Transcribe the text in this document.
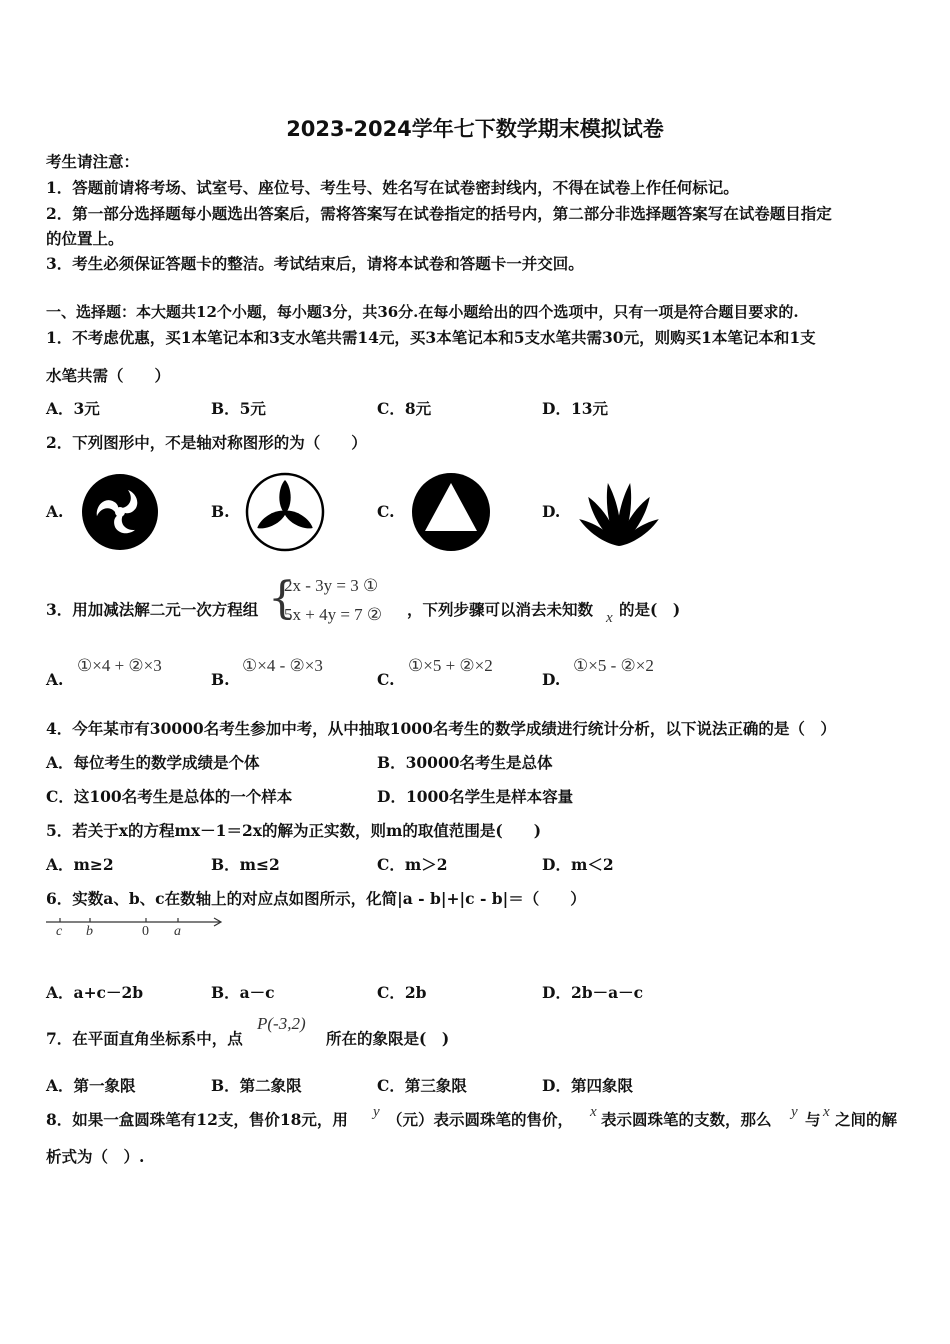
2023-2024学年七下数学期末模拟试卷
考生请注意：
1．答题前请将考场、试室号、座位号、考生号、姓名写在试卷密封线内，不得在试卷上作任何标记。
2．第一部分选择题每小题选出答案后，需将答案写在试卷指定的括号内，第二部分非选择题答案写在试卷题目指定
的位置上。
3．考生必须保证答题卡的整洁。考试结束后，请将本试卷和答题卡一并交回。
一、选择题：本大题共12个小题，每小题3分，共36分.在每小题给出的四个选项中，只有一项是符合题目要求的.
1．不考虑优惠，买1本笔记本和3支水笔共需14元，买3本笔记本和5支水笔共需30元，则购买1本笔记本和1支
水笔共需（　　）
A．3元	B．5元	C．8元	D．13元
2．下列图形中，不是轴对称图形的为（　　）
A.	B.	C.	D.
3．用加减法解二元一次方程组 {
2x - 3y = 3 ①
5x + 4y = 7 ② ，下列步骤可以消去未知数 x 的是(　)
A.
①×4 + ②×3
B.
①×4 - ②×3
C.
①×5 + ②×2
D.
①×5 - ②×2
4．今年某市有30000名考生参加中考，从中抽取1000名考生的数学成绩进行统计分析，以下说法正确的是（　）
A．每位考生的数学成绩是个体	B．30000名考生是总体
C．这100名考生是总体的一个样本	D．1000名学生是样本容量
5．若关于x的方程mx－1＝2x的解为正实数，则m的取值范围是(　　)
A．m≥2	B．m≤2	C．m＞2	D．m＜2
6．实数a、b、c在数轴上的对应点如图所示，化简|a - b|+|c - b|＝（　　）
c b	0 a
A．a+c－2b	B．a－c	C．2b	D．2b－a－c
7．在平面直角坐标系中，点
P(-3,2)
所在的象限是(　)
A．第一象限	B．第二象限	C．第三象限	D．第四象限
8．如果一盒圆珠笔有12支，售价18元，用 y （元）表示圆珠笔的售价， x 表示圆珠笔的支数，那么 y 与 x 之间的解
析式为（　）.
